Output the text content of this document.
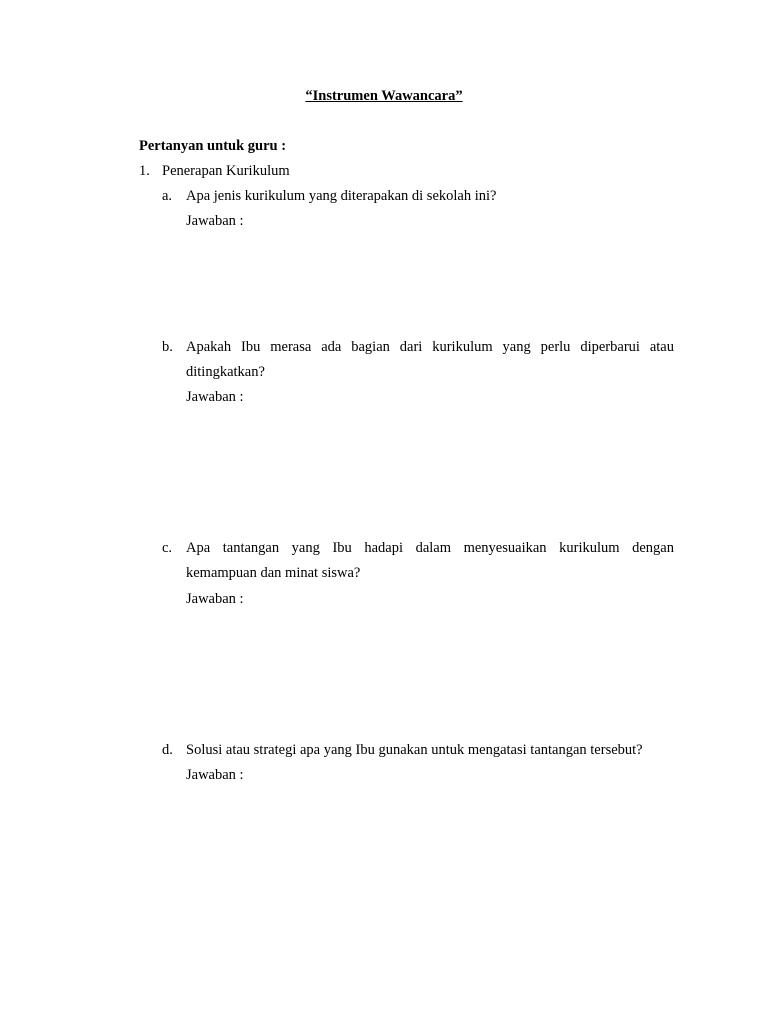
“Instrumen Wawancara”
Pertanyan untuk guru :
1. Penerapan Kurikulum
a. Apa jenis kurikulum yang diterapakan di sekolah ini?
Jawaban :
b. Apakah Ibu merasa ada bagian dari kurikulum yang perlu diperbarui atau
ditingkatkan?
Jawaban :
c. Apa tantangan yang Ibu hadapi dalam menyesuaikan kurikulum dengan
kemampuan dan minat siswa?
Jawaban :
d. Solusi atau strategi apa yang Ibu gunakan untuk mengatasi tantangan tersebut?
Jawaban :
